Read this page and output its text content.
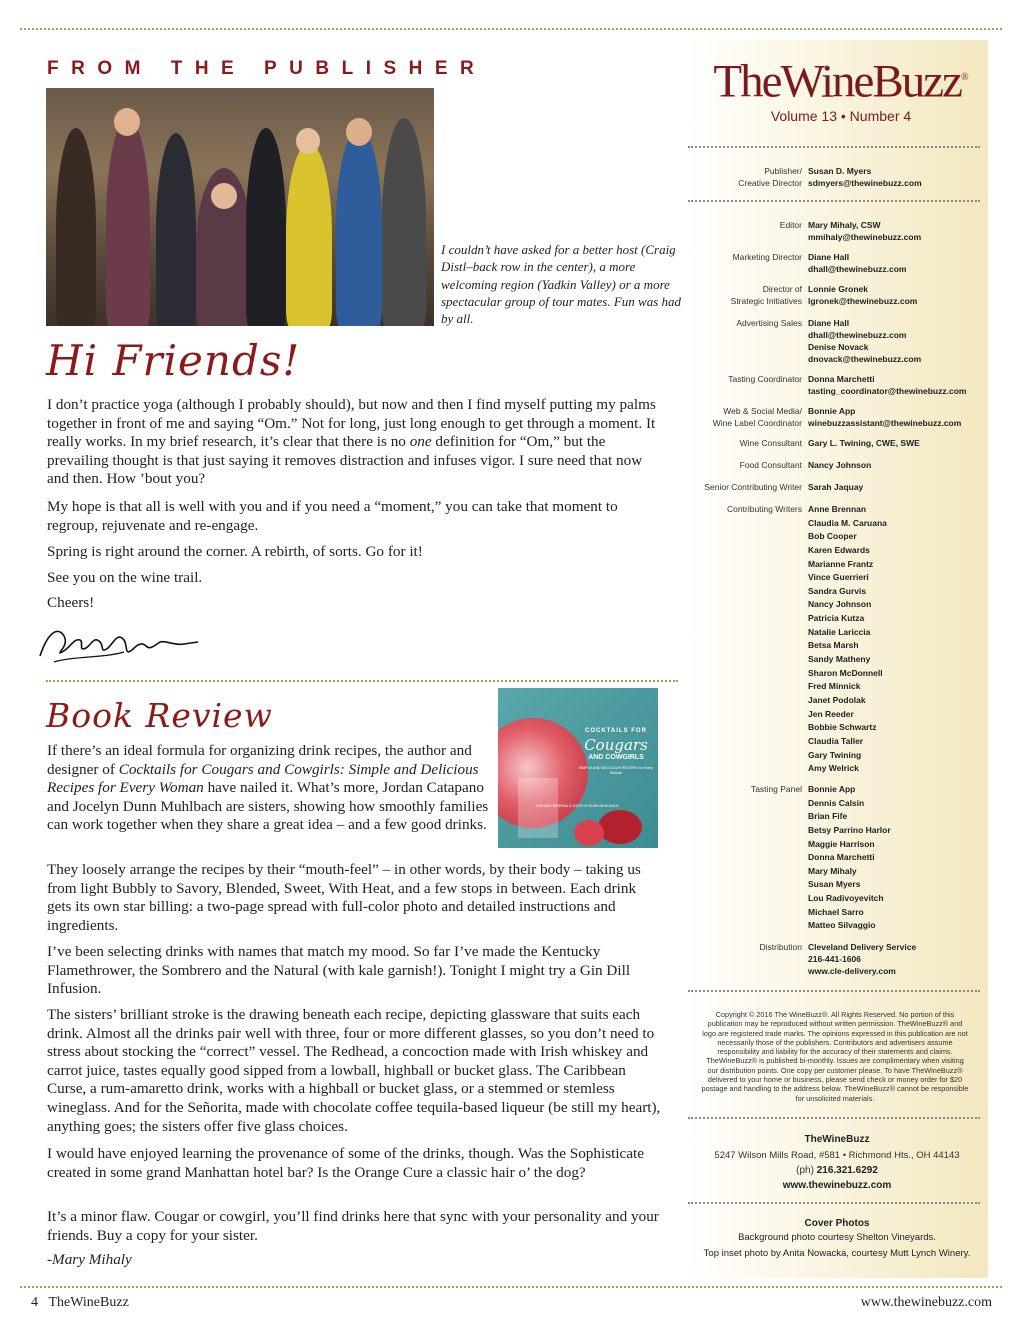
FROM THE PUBLISHER
I couldn’t have asked for a better host (Craig Distl–back row in the center), a more welcoming region (Yadkin Valley) or a more spectacular group of tour mates. Fun was had by all.
Hi Friends!
I don’t practice yoga (although I probably should), but now and then I find myself putting my palms together in front of me and saying “Om.” Not for long, just long enough to get through a moment. It really works. In my brief research, it’s clear that there is no one definition for “Om,” but the prevailing thought is that just saying it removes distraction and infuses vigor. I sure need that now and then. How ’bout you?
My hope is that all is well with you and if you need a “moment,” you can take that moment to regroup, rejuvenate and re-engage.
Spring is right around the corner. A rebirth, of sorts. Go for it!
See you on the wine trail.
Cheers!
Book Review	COCKTAILS FOR
Cougars
AND COWGIRLS
SIMPLE AND DELICIOUS RECIPES for Every Woman
JORDAN CATAPANO & JOCELYN DUNN MUHLBACH
If there’s an ideal formula for organizing drink recipes, the author and designer of Cocktails for Cougars and Cowgirls: Simple and Delicious Recipes for Every Woman have nailed it. What’s more, Jordan Catapano and Jocelyn Dunn Muhlbach are sisters, showing how smoothly families can work together when they share a great idea – and a few good drinks.
They loosely arrange the recipes by their “mouth-feel” – in other words, by their body – taking us from light Bubbly to Savory, Blended, Sweet, With Heat, and a few stops in between. Each drink gets its own star billing: a two-page spread with full-color photo and detailed instructions and ingredients.
I’ve been selecting drinks with names that match my mood. So far I’ve made the Kentucky Flamethrower, the Sombrero and the Natural (with kale garnish!). Tonight I might try a Gin Dill Infusion.
The sisters’ brilliant stroke is the drawing beneath each recipe, depicting glassware that suits each drink. Almost all the drinks pair well with three, four or more different glasses, so you don’t need to stress about stocking the “correct” vessel. The Redhead, a concoction made with Irish whiskey and carrot juice, tastes equally good sipped from a lowball, highball or bucket glass. The Caribbean Curse, a rum-amaretto drink, works with a highball or bucket glass, or a stemmed or stemless wineglass. And for the Señorita, made with chocolate coffee tequila-based liqueur (be still my heart), anything goes; the sisters offer five glass choices.
I would have enjoyed learning the provenance of some of the drinks, though. Was the Sophisticate created in some grand Manhattan hotel bar? Is the Orange Cure a classic hair o’ the dog?
It’s a minor flaw. Cougar or cowgirl, you’ll find drinks here that sync with your personality and your friends. Buy a copy for your sister.
-Mary Mihaly
TheWineBuzz®
Volume 13 • Number 4
Publisher/
Creative Director
Susan D. Myers
sdmyers@thewinebuzz.com
Editor Mary Mihaly, CSW
mmihaly@thewinebuzz.com
Marketing Director Diane Hall
dhall@thewinebuzz.com
Director of
Strategic Initiatives
Lonnie Gronek
lgronek@thewinebuzz.com
Advertising Sales Diane Hall
dhall@thewinebuzz.com
Denise Novack
dnovack@thewinebuzz.com
Tasting Coordinator Donna Marchetti
tasting_coordinator@thewinebuzz.com
Web & Social Media/
Wine Label Coordinator
Bonnie App
winebuzzassistant@thewinebuzz.com
Wine Consultant Gary L. Twining, CWE, SWE
Food Consultant Nancy Johnson
Senior Contributing Writer Sarah Jaquay
Contributing Writers Anne Brennan
Claudia M. Caruana
Bob Cooper
Karen Edwards
Marianne Frantz
Vince Guerrieri
Sandra Gurvis
Nancy Johnson
Patricia Kutza
Natalie Lariccia
Betsa Marsh
Sandy Matheny
Sharon McDonnell
Fred Minnick
Janet Podolak
Jen Reeder
Bobbie Schwartz
Claudia Taller
Gary Twining
Amy Welrick
Tasting Panel Bonnie App
Dennis Calsin
Brian Fife
Betsy Parrino Harlor
Maggie Harrison
Donna Marchetti
Mary Mihaly
Susan Myers
Lou Radivoyevitch
Michael Sarro
Matteo Silvaggio
Distribution Cleveland Delivery Service
216-441-1606
www.cle-delivery.com
Copyright © 2016 The WineBuzz®. All Rights Reserved. No portion of this publication may be reproduced without written permission. TheWineBuzz® and logo are registered trade marks. The opinions expressed in this publication are not necessarily those of the publishers. Contributors and advertisers assume responsibility and liability for the accuracy of their statements and claims. TheWineBuzz® is published bi-monthly. Issues are complimentary when visiting our distribution points. One copy per customer please. To have TheWineBuzz® delivered to your home or business, please send check or money order for $20 postage and handling to the address below. TheWineBuzz® cannot be responsible for unsolicited materials.
TheWineBuzz
5247 Wilson Mills Road, #581 • Richmond Hts., OH 44143
(ph) 216.321.6292
www.thewinebuzz.com
Cover Photos
Background photo courtesy Shelton Vineyards.
Top inset photo by Anita Nowacka, courtesy Mutt Lynch Winery.
4 TheWineBuzz	www.thewinebuzz.com
